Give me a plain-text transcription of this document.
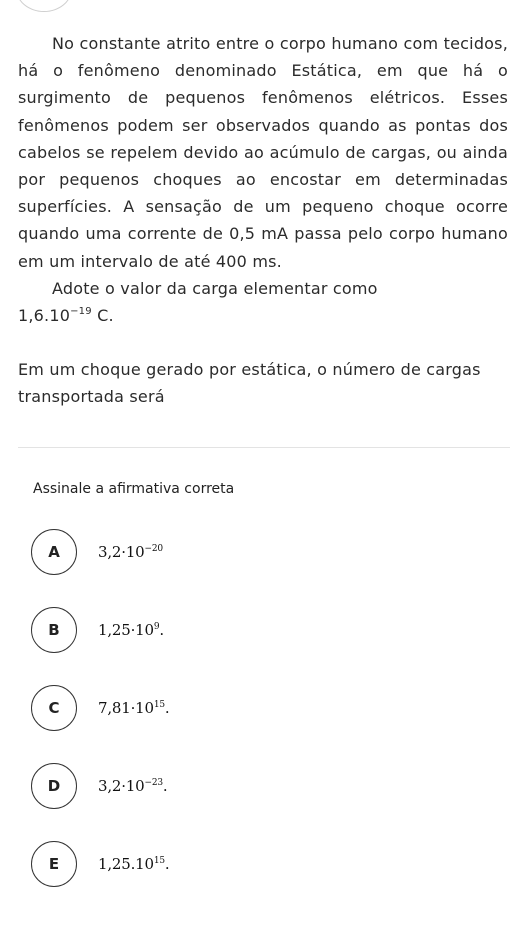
No constante atrito entre o corpo humano com tecidos, há o fenômeno denominado Estática, em que há o surgimento de pequenos fenômenos elétricos. Esses fenômenos podem ser observados quando as pontas dos cabelos se repelem devido ao acúmulo de cargas, ou ainda por pequenos choques ao encostar em determinadas superfícies. A sensação de um pequeno choque ocorre quando uma corrente de 0,5 mA passa pelo corpo humano em um intervalo de até 400 ms.

Adote o valor da carga elementar como

$1,6.10^{-19}$ C.

Em um choque gerado por estática, o número de cargas transportada será

Assinale a afirmativa correta
A	$3,2\cdot 10^{-20}$
B	$1,25\cdot 10^9$.
C	$7,81\cdot 10^{15}$.
D	$3,2\cdot 10^{-23}$.
E	1,25.10$^{15}$.
